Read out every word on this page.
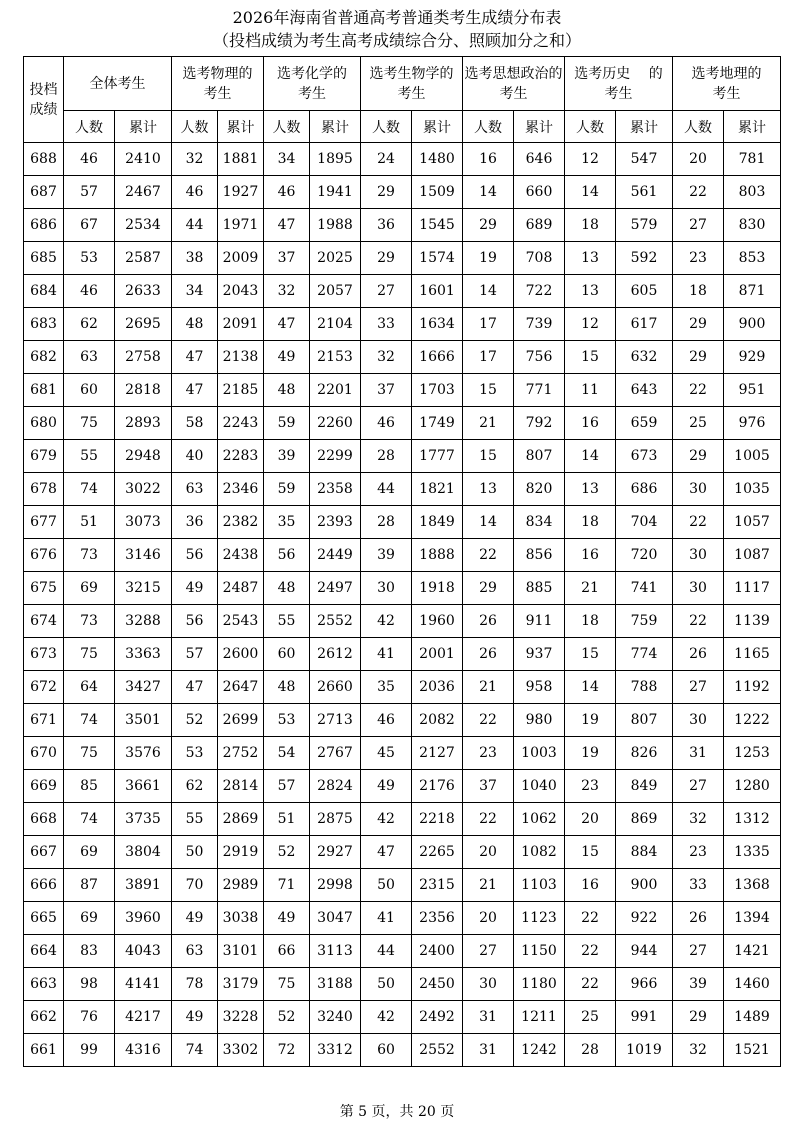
2026年海南省普通高考普通类考生成绩分布表
（投档成绩为考生高考成绩综合分、照顾加分之和）
投档成绩	全体考生		选考物理的考生		选考化学的考生		选考生物学的考生		选考思想政治的考生		选考历史　 的考生		选考地理的考生	
	人数	累计	人数	累计	人数	累计	人数	累计	人数	累计	人数	累计	人数	累计
688	46	2410	32	1881	34	1895	24	1480	16	646	12	547	20	781
687	57	2467	46	1927	46	1941	29	1509	14	660	14	561	22	803
686	67	2534	44	1971	47	1988	36	1545	29	689	18	579	27	830
685	53	2587	38	2009	37	2025	29	1574	19	708	13	592	23	853
684	46	2633	34	2043	32	2057	27	1601	14	722	13	605	18	871
683	62	2695	48	2091	47	2104	33	1634	17	739	12	617	29	900
682	63	2758	47	2138	49	2153	32	1666	17	756	15	632	29	929
681	60	2818	47	2185	48	2201	37	1703	15	771	11	643	22	951
680	75	2893	58	2243	59	2260	46	1749	21	792	16	659	25	976
679	55	2948	40	2283	39	2299	28	1777	15	807	14	673	29	1005
678	74	3022	63	2346	59	2358	44	1821	13	820	13	686	30	1035
677	51	3073	36	2382	35	2393	28	1849	14	834	18	704	22	1057
676	73	3146	56	2438	56	2449	39	1888	22	856	16	720	30	1087
675	69	3215	49	2487	48	2497	30	1918	29	885	21	741	30	1117
674	73	3288	56	2543	55	2552	42	1960	26	911	18	759	22	1139
673	75	3363	57	2600	60	2612	41	2001	26	937	15	774	26	1165
672	64	3427	47	2647	48	2660	35	2036	21	958	14	788	27	1192
671	74	3501	52	2699	53	2713	46	2082	22	980	19	807	30	1222
670	75	3576	53	2752	54	2767	45	2127	23	1003	19	826	31	1253
669	85	3661	62	2814	57	2824	49	2176	37	1040	23	849	27	1280
668	74	3735	55	2869	51	2875	42	2218	22	1062	20	869	32	1312
667	69	3804	50	2919	52	2927	47	2265	20	1082	15	884	23	1335
666	87	3891	70	2989	71	2998	50	2315	21	1103	16	900	33	1368
665	69	3960	49	3038	49	3047	41	2356	20	1123	22	922	26	1394
664	83	4043	63	3101	66	3113	44	2400	27	1150	22	944	27	1421
663	98	4141	78	3179	75	3188	50	2450	30	1180	22	966	39	1460
662	76	4217	49	3228	52	3240	42	2492	31	1211	25	991	29	1489
661	99	4316	74	3302	72	3312	60	2552	31	1242	28	1019	32	1521
第 5 页，共 20 页
